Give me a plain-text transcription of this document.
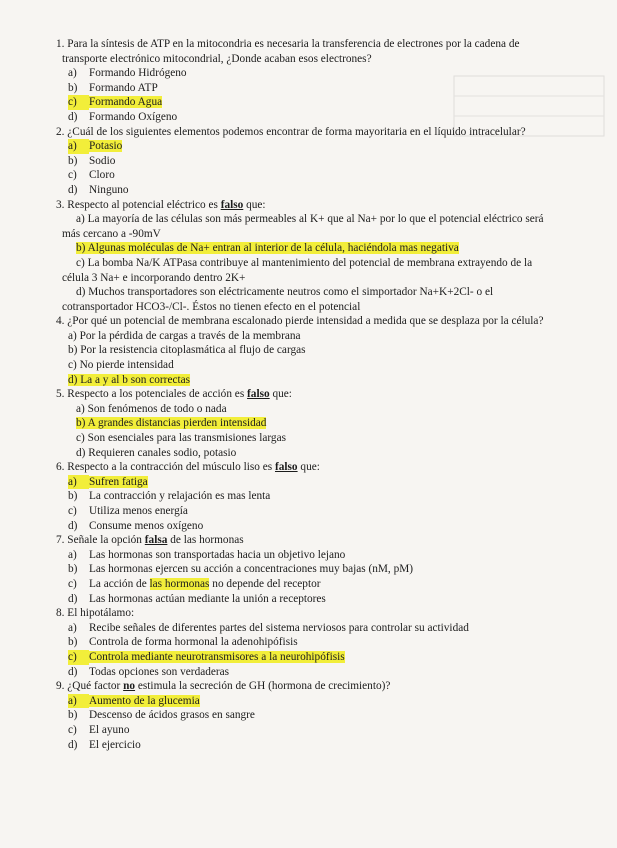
1. Para la síntesis de ATP en la mitocondria es necesaria la transferencia de electrones por la cadena de
transporte electrónico mitocondrial, ¿Donde acaban esos electrones?
a) Formando Hidrógeno
b) Formando ATP
c) Formando Agua
d) Formando Oxígeno
2. ¿Cuál de los siguientes elementos podemos encontrar de forma mayoritaria en el líquido intracelular?
a) Potasio
b) Sodio
c) Cloro
d) Ninguno
3. Respecto al potencial eléctrico es falso que:
a) La mayoría de las células son más permeables al K+ que al Na+ por lo que el potencial eléctrico será
más cercano a -90mV
b) Algunas moléculas de Na+ entran al interior de la célula, haciéndola mas negativa
c) La bomba Na/K ATPasa contribuye al mantenimiento del potencial de membrana extrayendo de la
célula 3 Na+ e incorporando dentro 2K+
d) Muchos transportadores son eléctricamente neutros como el simportador Na+K+2Cl- o el
cotransportador HCO3-/Cl-. Éstos no tienen efecto en el potencial
4. ¿Por qué un potencial de membrana escalonado pierde intensidad a medida que se desplaza por la célula?
a) Por la pérdida de cargas a través de la membrana
b) Por la resistencia citoplasmática al flujo de cargas
c) No pierde intensidad
d) La a y al b son correctas
5. Respecto a los potenciales de acción es falso que:
a) Son fenómenos de todo o nada
b) A grandes distancias pierden intensidad
c) Son esenciales para las transmisiones largas
d) Requieren canales sodio, potasio
6. Respecto a la contracción del músculo liso es falso que:
a) Sufren fatiga
b) La contracción y relajación es mas lenta
c) Utiliza menos energía
d) Consume menos oxígeno
7. Señale la opción falsa de las hormonas
a) Las hormonas son transportadas hacia un objetivo lejano
b) Las hormonas ejercen su acción a concentraciones muy bajas (nM, pM)
c) La acción de las hormonas no depende del receptor
d) Las hormonas actúan mediante la unión a receptores
8. El hipotálamo:
a) Recibe señales de diferentes partes del sistema nerviosos para controlar su actividad
b) Controla de forma hormonal la adenohipófisis
c) Controla mediante neurotransmisores a la neurohipófisis
d) Todas opciones son verdaderas
9. ¿Qué factor no estimula la secreción de GH (hormona de crecimiento)?
a) Aumento de la glucemia
b) Descenso de ácidos grasos en sangre
c) El ayuno
d) El ejercicio
